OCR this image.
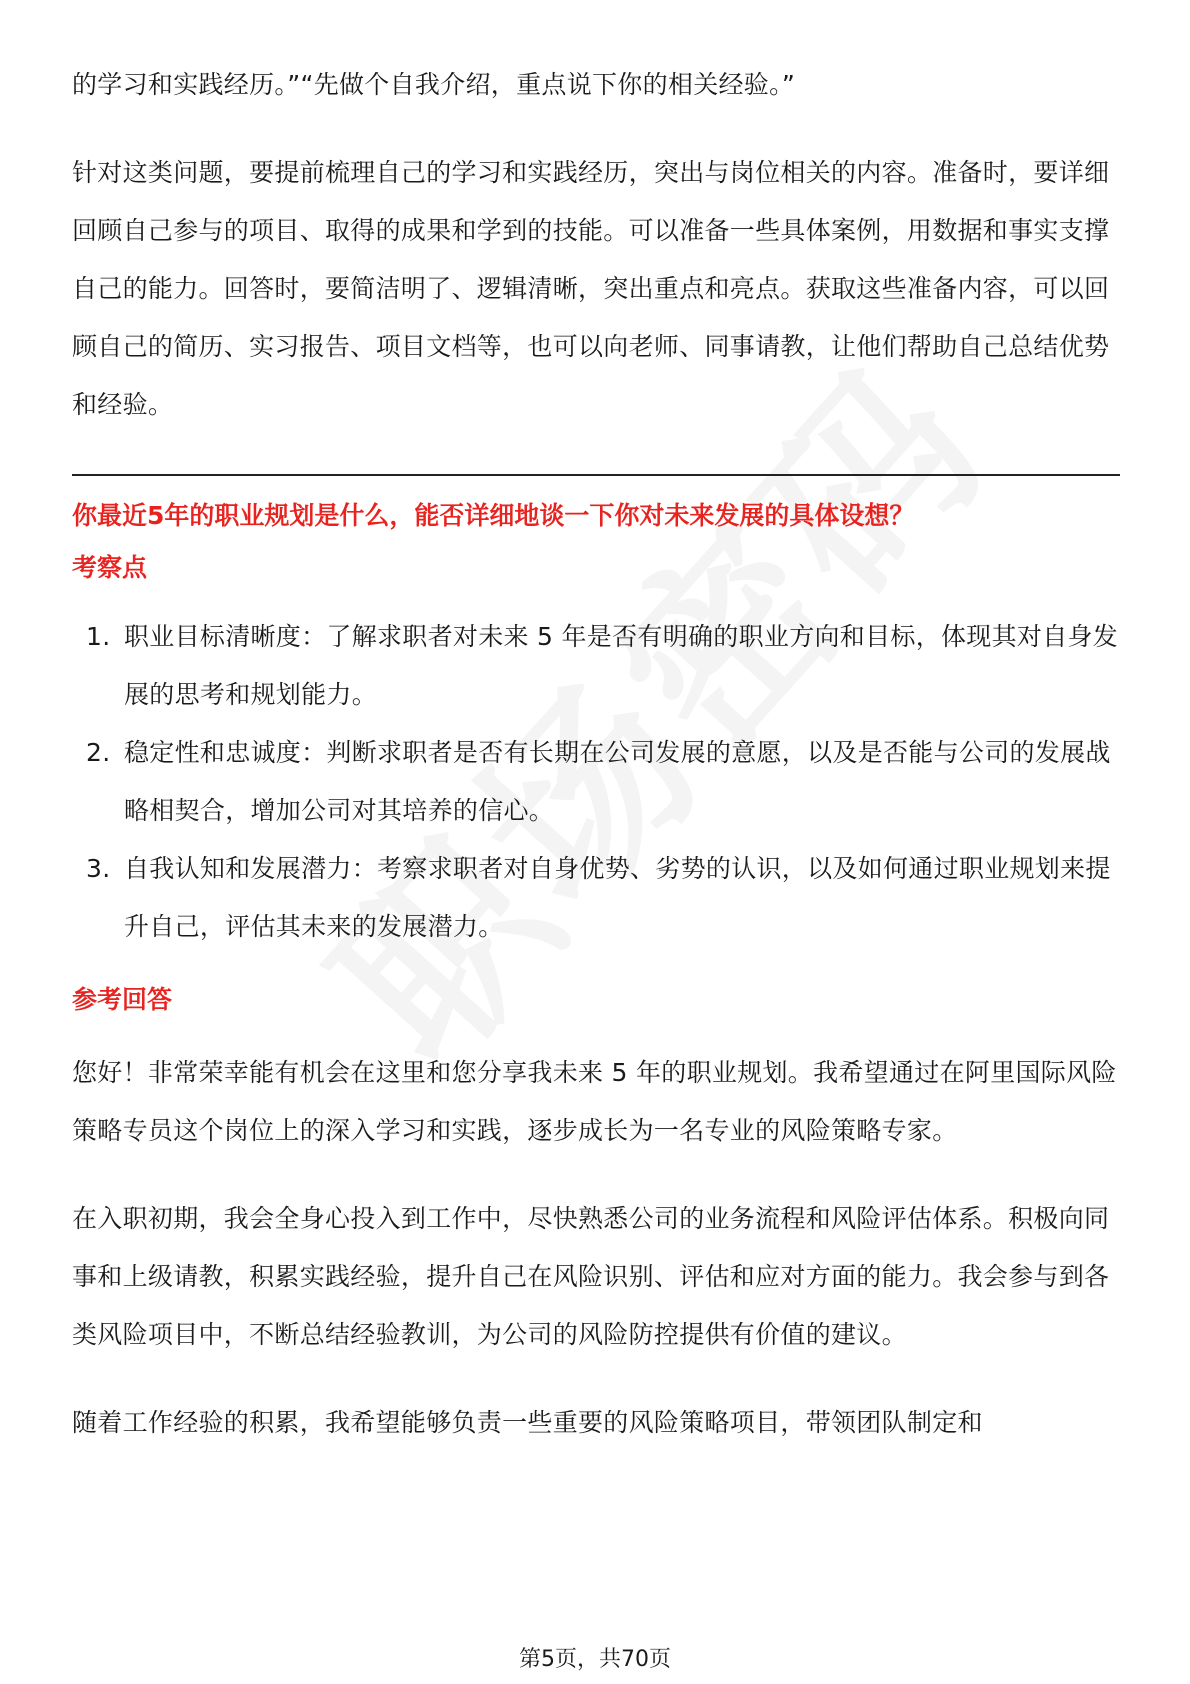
的学习和实践经历。”“先做个自我介绍，重点说下你的相关经验。”

针对这类问题，要提前梳理自己的学习和实践经历，突出与岗位相关的内容。准备时，要详细回顾自己参与的项目、取得的成果和学到的技能。可以准备一些具体案例，用数据和事实支撑自己的能力。回答时，要简洁明了、逻辑清晰，突出重点和亮点。获取这些准备内容，可以回顾自己的简历、实习报告、项目文档等，也可以向老师、同事请教，让他们帮助自己总结优势和经验。

你最近5年的职业规划是什么，能否详细地谈一下你对未来发展的具体设想？

考察点

1. 职业目标清晰度：了解求职者对未来 5 年是否有明确的职业方向和目标，体现其对自身发展的思考和规划能力。
2. 稳定性和忠诚度：判断求职者是否有长期在公司发展的意愿，以及是否能与公司的发展战略相契合，增加公司对其培养的信心。
3. 自我认知和发展潜力：考察求职者对自身优势、劣势的认识，以及如何通过职业规划来提升自己，评估其未来的发展潜力。

参考回答

您好！非常荣幸能有机会在这里和您分享我未来 5 年的职业规划。我希望通过在阿里国际风险策略专员这个岗位上的深入学习和实践，逐步成长为一名专业的风险策略专家。

在入职初期，我会全身心投入到工作中，尽快熟悉公司的业务流程和风险评估体系。积极向同事和上级请教，积累实践经验，提升自己在风险识别、评估和应对方面的能力。我会参与到各类风险项目中，不断总结经验教训，为公司的风险防控提供有价值的建议。

随着工作经验的积累，我希望能够负责一些重要的风险策略项目，带领团队制定和

第5页，共70页
